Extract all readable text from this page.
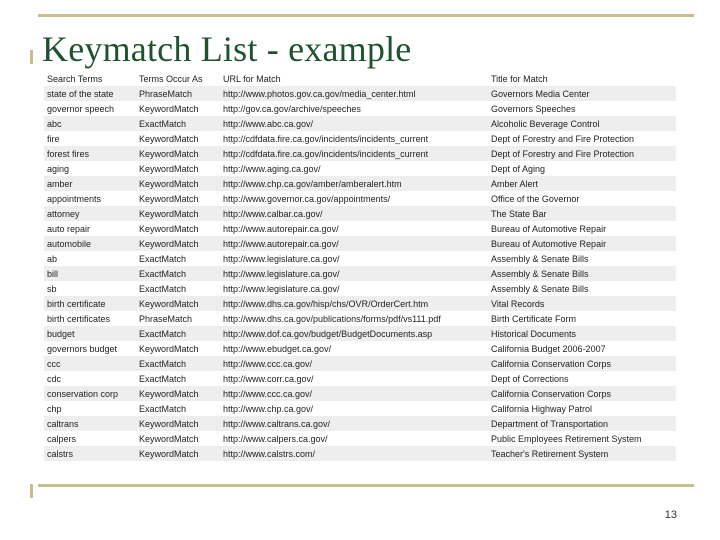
Keymatch List - example
Search Terms	Terms Occur As	URL for Match	Title for Match
state of the state	PhraseMatch	http://www.photos.gov.ca.gov/media_center.html	Governors Media Center
governor speech	KeywordMatch	http://gov.ca.gov/archive/speeches	Governors Speeches
abc	ExactMatch	http://www.abc.ca.gov/	Alcoholic Beverage Control
fire	KeywordMatch	http://cdfdata.fire.ca.gov/incidents/incidents_current	Dept of Forestry and Fire Protection
forest fires	KeywordMatch	http://cdfdata.fire.ca.gov/incidents/incidents_current	Dept of Forestry and Fire Protection
aging	KeywordMatch	http://www.aging.ca.gov/	Dept of Aging
amber	KeywordMatch	http://www.chp.ca.gov/amber/amberalert.htm	Amber Alert
appointments	KeywordMatch	http://www.governor.ca.gov/appointments/	Office of the Governor
attorney	KeywordMatch	http://www.calbar.ca.gov/	The State Bar
auto repair	KeywordMatch	http://www.autorepair.ca.gov/	Bureau of Automotive Repair
automobile	KeywordMatch	http://www.autorepair.ca.gov/	Bureau of Automotive Repair
ab	ExactMatch	http://www.legislature.ca.gov/	Assembly & Senate Bills
bill	ExactMatch	http://www.legislature.ca.gov/	Assembly & Senate Bills
sb	ExactMatch	http://www.legislature.ca.gov/	Assembly & Senate Bills
birth certificate	KeywordMatch	http://www.dhs.ca.gov/hisp/chs/OVR/OrderCert.htm	Vital Records
birth certificates	PhraseMatch	http://www.dhs.ca.gov/publications/forms/pdf/vs111.pdf	Birth Certificate Form
budget	ExactMatch	http://www.dof.ca.gov/budget/BudgetDocuments.asp	Historical Documents
governors budget	KeywordMatch	http://www.ebudget.ca.gov/	California Budget 2006-2007
ccc	ExactMatch	http://www.ccc.ca.gov/	California Conservation Corps
cdc	ExactMatch	http://www.corr.ca.gov/	Dept of Corrections
conservation corp	KeywordMatch	http://www.ccc.ca.gov/	California Conservation Corps
chp	ExactMatch	http://www.chp.ca.gov/	California Highway Patrol
caltrans	KeywordMatch	http://www.caltrans.ca.gov/	Department of Transportation
calpers	KeywordMatch	http://www.calpers.ca.gov/	Public Employees Retirement System
calstrs	KeywordMatch	http://www.calstrs.com/	Teacher's Retirement System
13
